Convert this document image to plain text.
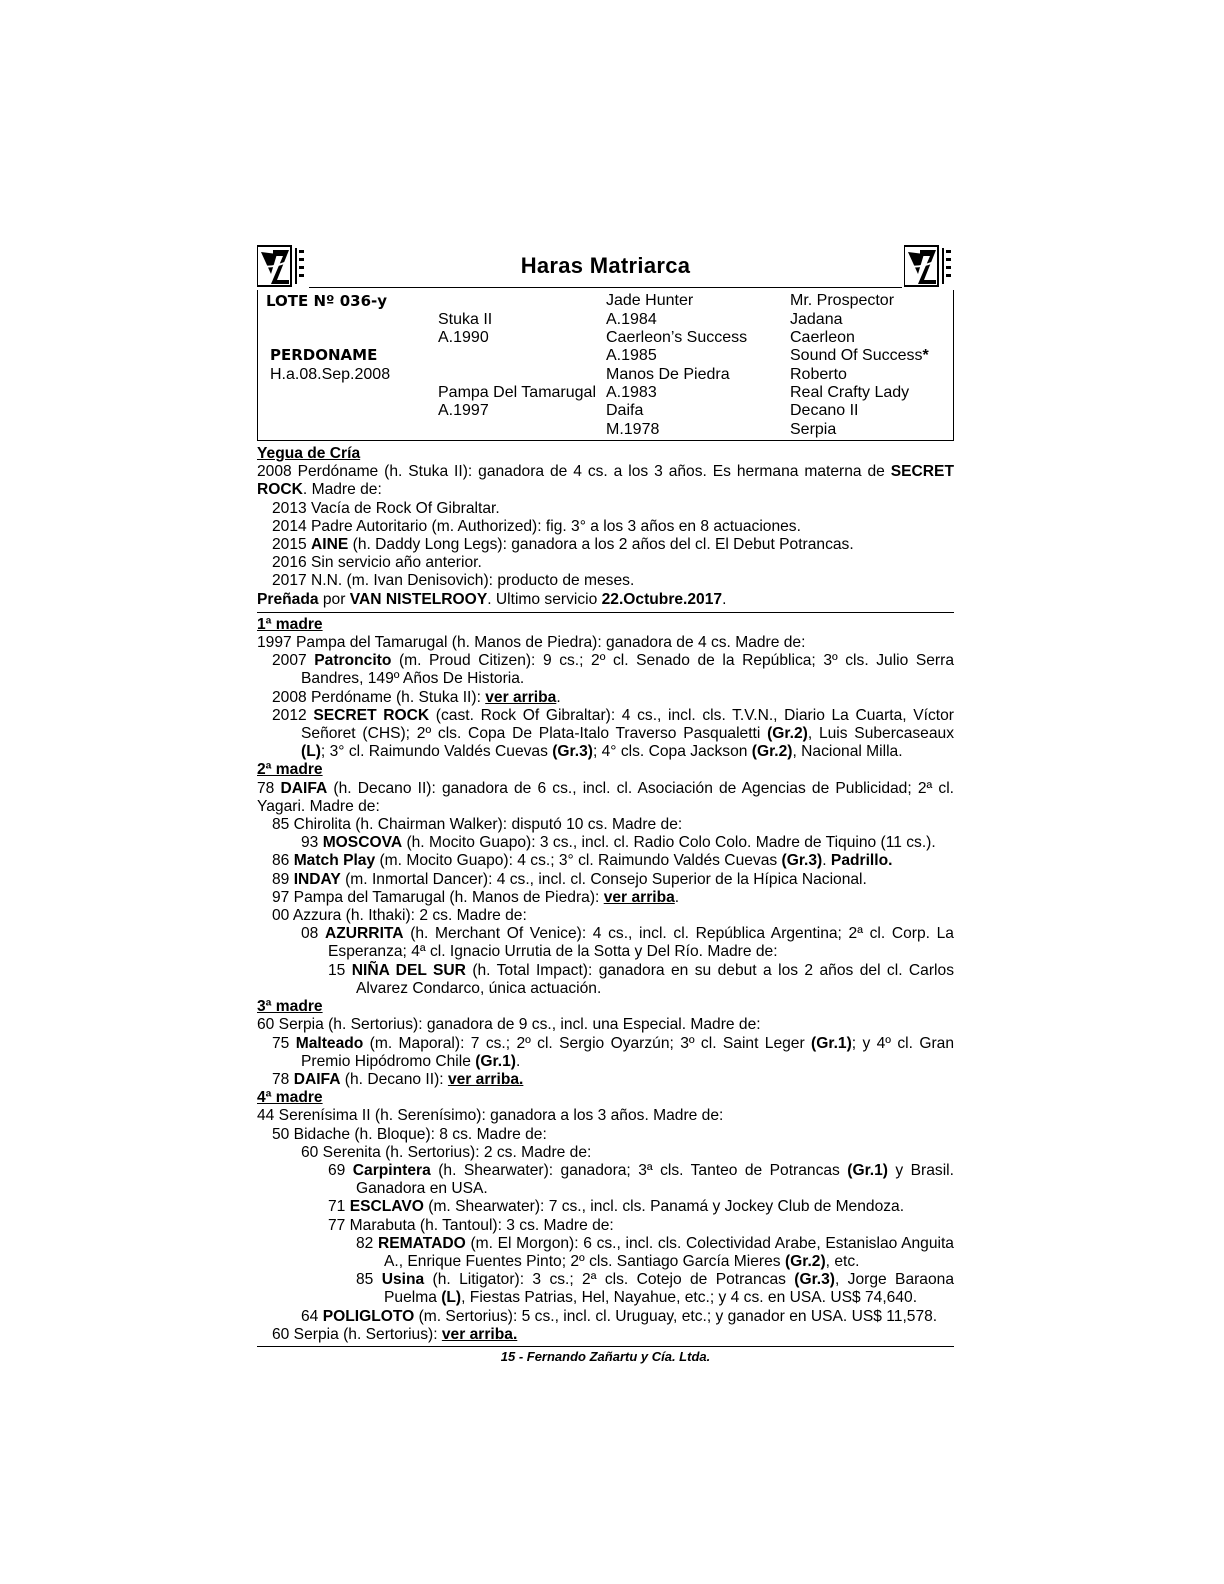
Haras Matriarca
LOTE Nº 036-y
PERDONAME
H.a.08.Sep.2008
Stuka II
A.1990
Pampa Del Tamarugal
A.1997
Jade Hunter
A.1984
Caerleon’s Success
A.1985
Manos De Piedra
A.1983
Daifa
M.1978
Mr. Prospector
Jadana
Caerleon
Sound Of Success*
Roberto
Real Crafty Lady
Decano II
Serpia

Yegua de Cría

2008 Perdóname (h. Stuka II): ganadora de 4 cs. a los 3 años. Es hermana materna de SECRET ROCK. Madre de:

2013 Vacía de Rock Of Gibraltar.

2014 Padre Autoritario (m. Authorized): fig. 3° a los 3 años en 8 actuaciones.

2015 AINE (h. Daddy Long Legs): ganadora a los 2 años del cl. El Debut Potrancas.

2016 Sin servicio año anterior.

2017 N.N. (m. Ivan Denisovich): producto de meses.

Preñada por VAN NISTELROOY. Ultimo servicio 22.Octubre.2017.

1ª madre

1997 Pampa del Tamarugal (h. Manos de Piedra): ganadora de 4 cs. Madre de:

2007 Patroncito (m. Proud Citizen): 9 cs.; 2º cl. Senado de la República; 3º cls. Julio Serra Bandres, 149º Años De Historia.

2008 Perdóname (h. Stuka II): ver arriba.

2012 SECRET ROCK (cast. Rock Of Gibraltar): 4 cs., incl. cls. T.V.N., Diario La Cuarta, Víctor Señoret (CHS); 2º cls. Copa De Plata-Italo Traverso Pasqualetti (Gr.2), Luis Subercaseaux (L); 3° cl. Raimundo Valdés Cuevas (Gr.3); 4° cls. Copa Jackson (Gr.2), Nacional Milla.

2ª madre

78 DAIFA (h. Decano II): ganadora de 6 cs., incl. cl. Asociación de Agencias de Publicidad; 2ª cl. Yagari. Madre de:

85 Chirolita (h. Chairman Walker): disputó 10 cs. Madre de:

93 MOSCOVA (h. Mocito Guapo): 3 cs., incl. cl. Radio Colo Colo. Madre de Tiquino (11 cs.).

86 Match Play (m. Mocito Guapo): 4 cs.; 3° cl. Raimundo Valdés Cuevas (Gr.3). Padrillo.

89 INDAY (m. Inmortal Dancer): 4 cs., incl. cl. Consejo Superior de la Hípica Nacional.

97 Pampa del Tamarugal (h. Manos de Piedra): ver arriba.

00 Azzura (h. Ithaki): 2 cs. Madre de:

08 AZURRITA (h. Merchant Of Venice): 4 cs., incl. cl. República Argentina; 2ª cl. Corp. La Esperanza; 4ª cl. Ignacio Urrutia de la Sotta y Del Río. Madre de:

15 NIÑA DEL SUR (h. Total Impact): ganadora en su debut a los 2 años del cl. Carlos Alvarez Condarco, única actuación.

3ª madre

60 Serpia (h. Sertorius): ganadora de 9 cs., incl. una Especial. Madre de:

75 Malteado (m. Maporal): 7 cs.; 2º cl. Sergio Oyarzún; 3º cl. Saint Leger (Gr.1); y 4º cl. Gran Premio Hipódromo Chile (Gr.1).

78 DAIFA (h. Decano II): ver arriba.

4ª madre

44 Serenísima II (h. Serenísimo): ganadora a los 3 años. Madre de:

50 Bidache (h. Bloque): 8 cs. Madre de:

60 Serenita (h. Sertorius): 2 cs. Madre de:

69 Carpintera (h. Shearwater): ganadora; 3ª cls. Tanteo de Potrancas (Gr.1) y Brasil. Ganadora en USA.

71 ESCLAVO (m. Shearwater): 7 cs., incl. cls. Panamá y Jockey Club de Mendoza.

77 Marabuta (h. Tantoul): 3 cs. Madre de:

82 REMATADO (m. El Morgon): 6 cs., incl. cls. Colectividad Arabe, Estanislao Anguita A., Enrique Fuentes Pinto; 2º cls. Santiago García Mieres (Gr.2), etc.

85 Usina (h. Litigator): 3 cs.; 2ª cls. Cotejo de Potrancas (Gr.3), Jorge Baraona Puelma (L), Fiestas Patrias, Hel, Nayahue, etc.; y 4 cs. en USA. US$ 74,640.

64 POLIGLOTO (m. Sertorius): 5 cs., incl. cl. Uruguay, etc.; y ganador en USA. US$ 11,578.

60 Serpia (h. Sertorius): ver arriba.

15 - Fernando Zañartu y Cía. Ltda.
